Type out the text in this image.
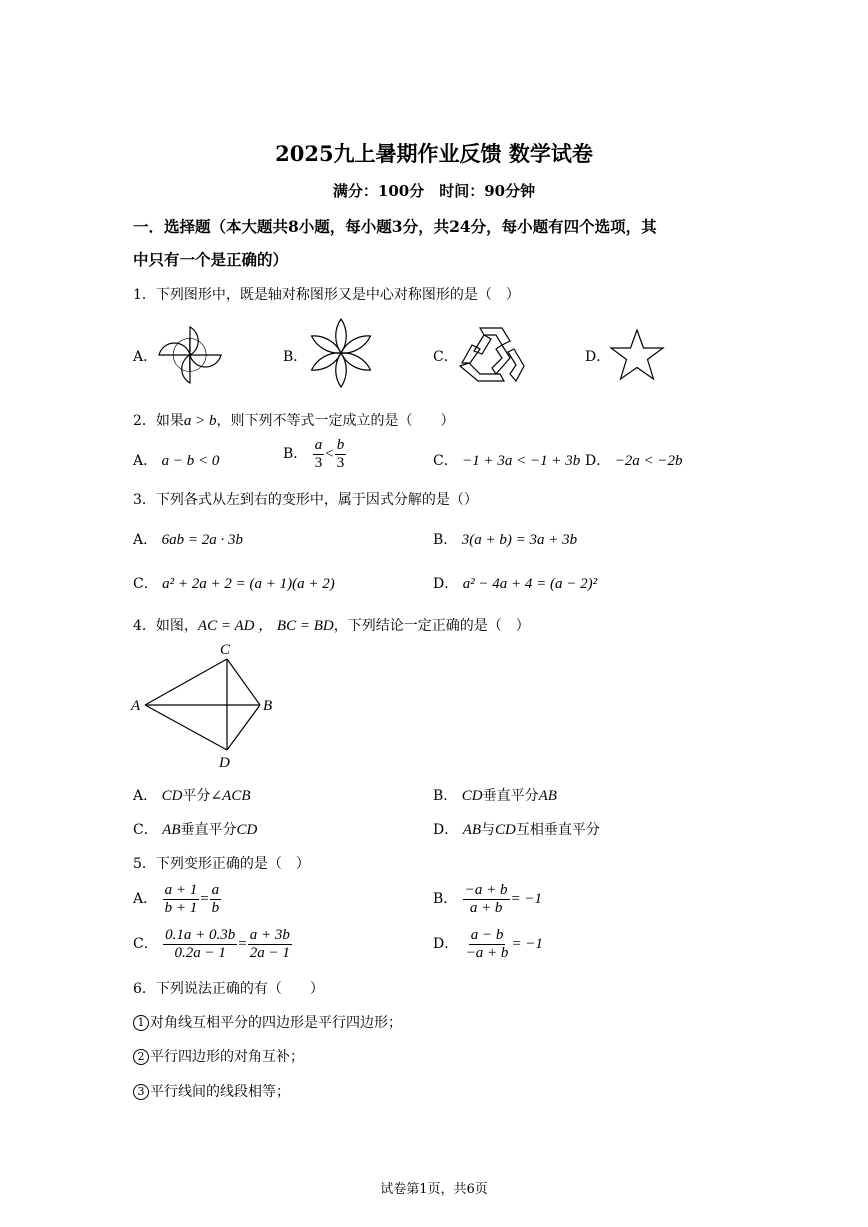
2025九上暑期作业反馈 数学试卷
满分：100分　时间：90分钟
一．选择题（本大题共8小题，每小题3分，共24分，每小题有四个选项，其
中只有一个是正确的）
1．下列图形中，既是轴对称图形又是中心对称图形的是（　）
A．	B．	C．	D．
2．如果a > b，则下列不等式一定成立的是（　　）
A． a − b < 0	B． $\frac{a}{3} < \frac{b}{3}$	C． −1 + 3a < −1 + 3b D． −2a < −2b
3．下列各式从左到右的变形中，属于因式分解的是（）
A． 6ab = 2a · 3b	B． 3(a + b) = 3a + 3b
C． a² + 2a + 2 = (a + 1)(a + 2)	D． a² − 4a + 4 = (a − 2)²
4．如图，AC = AD ， BC = BD，下列结论一定正确的是（　）
C
A	B
D
A． CD平分∠ACB	B． CD垂直平分AB
C． AB垂直平分CD	D． AB与CD互相垂直平分
5．下列变形正确的是（　）
A． $\frac{a + 1}{b + 1} = \frac{a}{b}$	B． $\frac{-a + b}{a + b} = -1$
C． $\frac{0.1a + 0.3b}{0.2a - 1} = \frac{a + 3b}{2a - 1}$	D． $\frac{a - b}{-a + b} = -1$
6．下列说法正确的有（　　）
1 对角线互相平分的四边形是平行四边形；
2 平行四边形的对角互补；
3 平行线间的线段相等；
试卷第1页，共6页
